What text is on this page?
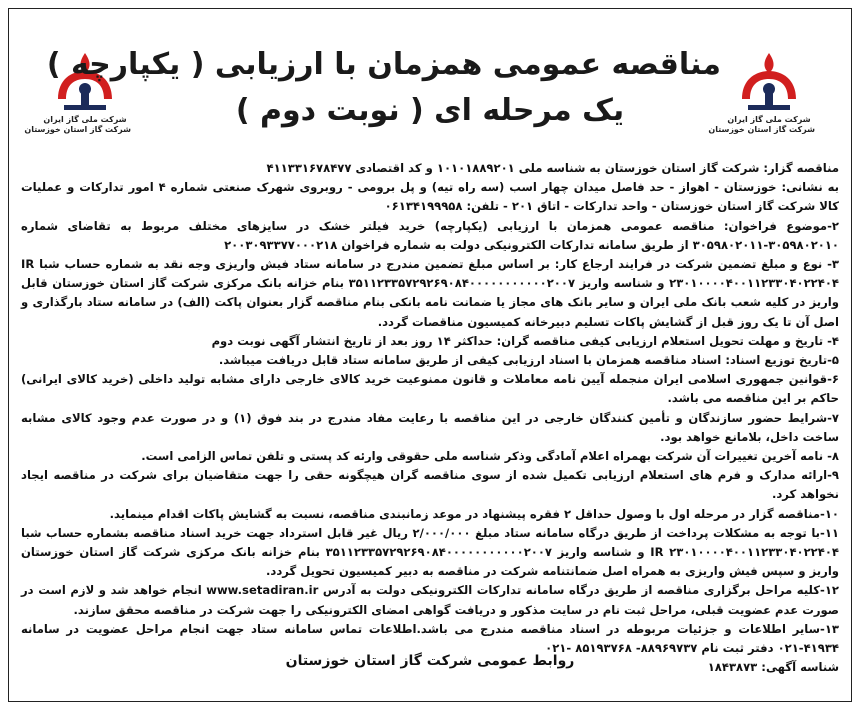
شرکت ملی گاز ایران
شرکت گاز استان خوزستان
مناقصه عمومی همزمان با ارزیابی ( یکپارچه )
یک مرحله ای ( نوبت دوم )	شرکت ملی گاز ایران
شرکت گاز استان خوزستان

مناقصه گزار: شرکت گاز استان خوزستان به شناسه ملی ۱۰۱۰۱۸۸۹۲۰۱ و کد اقتصادی ۴۱۱۳۳۱۶۷۸۴۷۷

به نشانی: خوزستان - اهواز - حد فاصل میدان چهار اسب (سه راه تیه) و پل برومی - روبروی شهرک صنعتی شماره ۴ امور تدارکات و عملیات کالا شرکت گاز استان خوزستان - واحد تدارکات - اتاق ۲۰۱ - تلفن: ۰۶۱۳۴۱۹۹۹۵۸

۲-موضوع فراخوان: مناقصه عمومی همزمان با ارزیابی (یکپارچه) خرید فیلتر خشک در سایزهای مختلف مربوط به تقاضای شماره ۳۰۵۹۸۰۲۰۱۰-۳۰۵۹۸۰۲۰۱۱ از طریق سامانه تدارکات الکترونیکی دولت به شماره فراخوان ۲۰۰۳۰۹۳۳۷۷۰۰۰۲۱۸

۳- نوع و مبلغ تضمین شرکت در فرایند ارجاع کار: بر اساس مبلغ تضمین مندرج در سامانه ستاد فیش واریزی وجه نقد به شماره حساب شبا IR ۲۳۰۱۰۰۰۰۴۰۰۱۱۲۳۳۰۴۰۲۲۴۰۴ و شناسه واریز ۳۵۱۱۲۳۳۵۷۲۹۲۶۹۰۸۴۰۰۰۰۰۰۰۰۰۰۰۲۰۰۷ بنام خزانه بانک مرکزی شرکت گاز استان خوزستان قابل واریز در کلیه شعب بانک ملی ایران و سایر بانک های مجاز یا ضمانت نامه بانکی بنام مناقصه گزار بعنوان پاکت (الف) در سامانه ستاد بارگذاری و اصل آن تا یک روز قبل از گشایش پاکات تسلیم دبیرخانه کمیسیون مناقصات گردد.

۴- تاریخ و مهلت تحویل استعلام ارزیابی کیفی مناقصه گران: حداکثر ۱۴ روز بعد از تاریخ انتشار آگهی نوبت دوم

۵-تاریخ توزیع اسناد: اسناد مناقصه همزمان با اسناد ارزیابی کیفی از طریق سامانه ستاد قابل دریافت میباشد.

۶-قوانین جمهوری اسلامی ایران منجمله آیین نامه معاملات و قانون ممنوعیت خرید کالای خارجی دارای مشابه تولید داخلی (خرید کالای ایرانی) حاکم بر این مناقصه می باشد.

۷-شرایط حضور سازندگان و تأمین کنندگان خارجی در این مناقصه با رعایت مفاد مندرج در بند فوق (۱) و در صورت عدم وجود کالای مشابه ساخت داخل، بلامانع خواهد بود.

۸- نامه آخرین تغییرات آن شرکت بهمراه اعلام آمادگی وذکر شناسه ملی حقوقی وارئه کد پستی و تلفن تماس الزامی است.

۹-ارائه مدارک و فرم های استعلام ارزیابی تکمیل شده از سوی مناقصه گران هیچگونه حقی را جهت متقاضیان برای شرکت در مناقصه ایجاد نخواهد کرد.

۱۰-مناقصه گزار در مرحله اول با وصول حداقل ۲ فقره پیشنهاد در موعد زمانبندی مناقصه، نسبت به گشایش پاکات اقدام مینماید.

۱۱-با توجه به مشکلات پرداخت از طریق درگاه سامانه ستاد مبلغ ۲/۰۰۰/۰۰۰ ریال غیر قابل استرداد جهت خرید اسناد مناقصه بشماره حساب شبا IR ۲۳۰۱۰۰۰۰۴۰۰۱۱۲۳۳۰۴۰۲۲۴۰۴ و شناسه واریز ۳۵۱۱۲۳۳۵۷۲۹۲۶۹۰۸۴۰۰۰۰۰۰۰۰۰۰۰۲۰۰۷ بنام خزانه بانک مرکزی شرکت گاز استان خوزستان واریز و سپس فیش واریزی به همراه اصل ضمانتنامه شرکت در مناقصه به دبیر کمیسیون تحویل گردد.

۱۲-کلیه مراحل برگزاری مناقصه از طریق درگاه سامانه تدارکات الکترونیکی دولت به آدرس www.setadiran.ir انجام خواهد شد و لازم است در صورت عدم عضویت قبلی، مراحل ثبت نام در سایت مذکور و دریافت گواهی امضای الکترونیکی را جهت شرکت در مناقصه محقق سازند.

۱۳-سایر اطلاعات و جزئیات مربوطه در اسناد مناقصه مندرج می باشد.اطلاعات تماس سامانه ستاد جهت انجام مراحل عضویت در سامانه ۴۱۹۳۴-۰۲۱ دفتر ثبت نام ۸۸۹۶۹۷۳۷- ۸۵۱۹۳۷۶۸ -۰۲۱

شناسه آگهی: ۱۸۴۳۸۷۳

روابط عمومی شرکت گاز استان خوزستان
